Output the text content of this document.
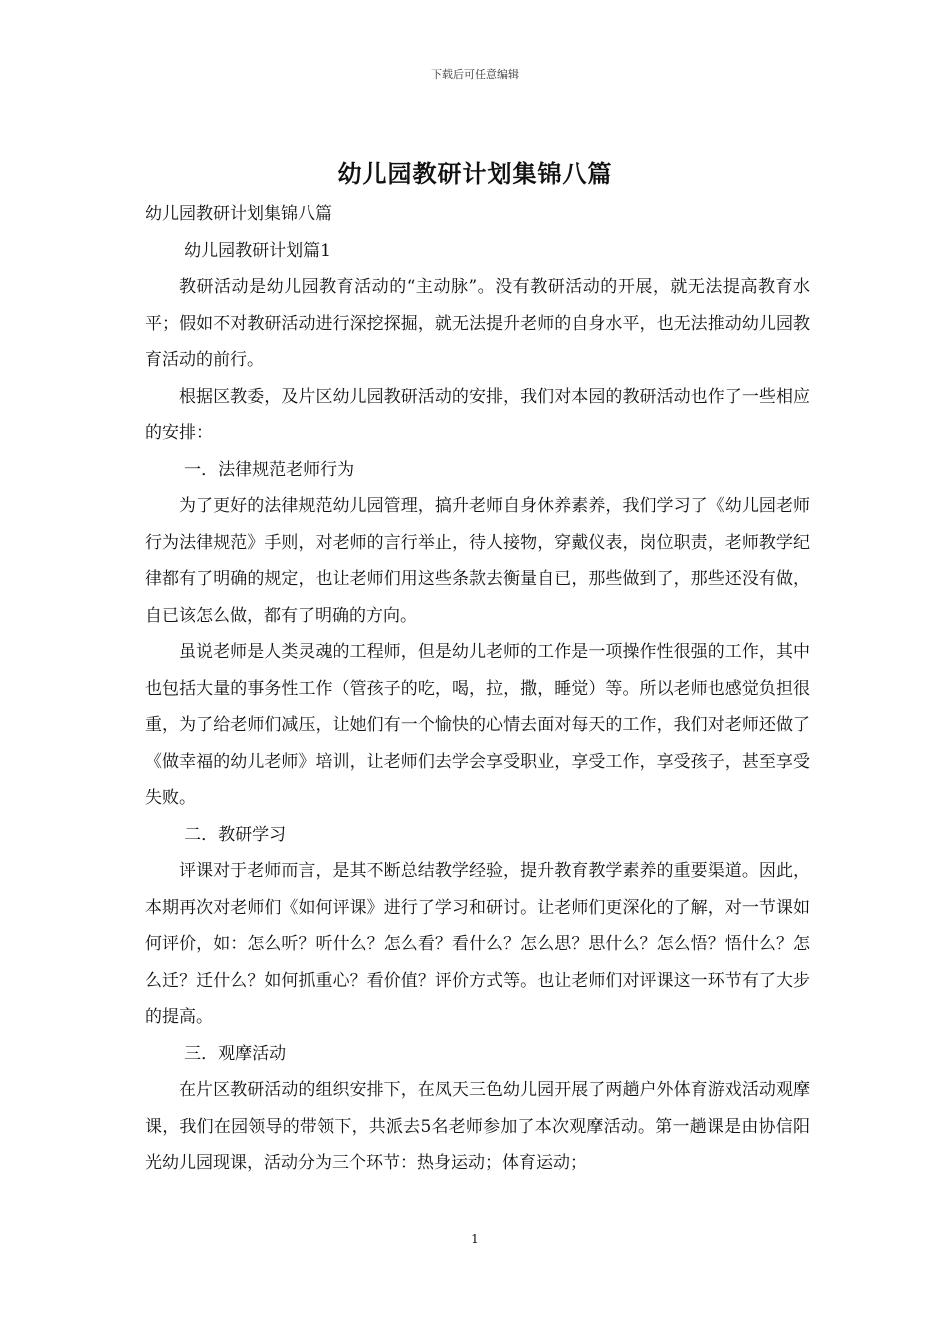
下载后可任意编辑
幼儿园教研计划集锦八篇

幼儿园教研计划集锦八篇

幼儿园教研计划篇1

教研活动是幼儿园教育活动的“主动脉”。没有教研活动的开展，就无法提高教育水平；假如不对教研活动进行深挖探掘，就无法提升老师的自身水平，也无法推动幼儿园教育活动的前行。

根据区教委，及片区幼儿园教研活动的安排，我们对本园的教研活动也作了一些相应的安排：

一．法律规范老师行为

为了更好的法律规范幼儿园管理，搞升老师自身休养素养，我们学习了《幼儿园老师行为法律规范》手则，对老师的言行举止，待人接物，穿戴仪表，岗位职责，老师教学纪律都有了明确的规定，也让老师们用这些条款去衡量自已，那些做到了，那些还没有做，自已该怎么做，都有了明确的方向。

虽说老师是人类灵魂的工程师，但是幼儿老师的工作是一项操作性很强的工作，其中也包括大量的事务性工作（管孩子的吃，喝，拉，撒，睡觉）等。所以老师也感觉负担很重，为了给老师们减压，让她们有一个愉快的心情去面对每天的工作，我们对老师还做了《做幸福的幼儿老师》培训，让老师们去学会享受职业，享受工作，享受孩子，甚至享受失败。

二．教研学习

评课对于老师而言，是其不断总结教学经验，提升教育教学素养的重要渠道。因此，本期再次对老师们《如何评课》进行了学习和研讨。让老师们更深化的了解，对一节课如何评价，如：怎么听？听什么？怎么看？看什么？怎么思？思什么？怎么悟？悟什么？怎么迁？迁什么？如何抓重心？看价值？评价方式等。也让老师们对评课这一环节有了大步的提高。

三．观摩活动

在片区教研活动的组织安排下，在凤天三色幼儿园开展了两趟户外体育游戏活动观摩课，我们在园领导的带领下，共派去5名老师参加了本次观摩活动。第一趟课是由协信阳光幼儿园现课，活动分为三个环节：热身运动；体育运动；

1
